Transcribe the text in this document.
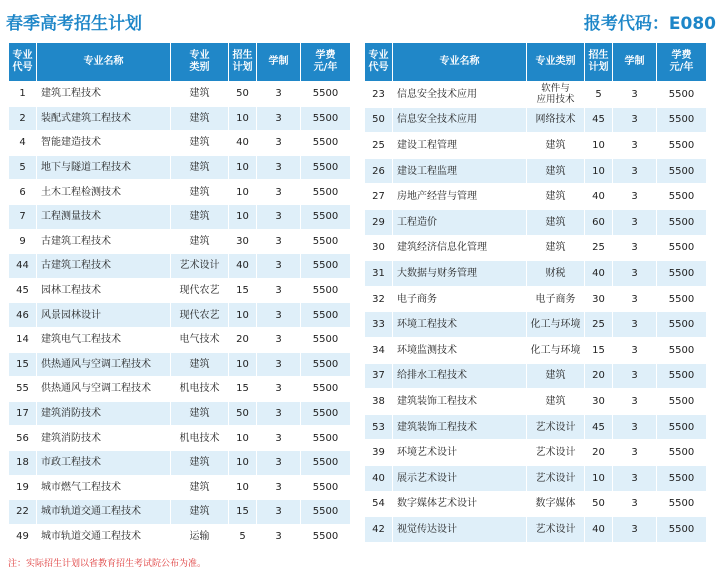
春季高考招生计划	报考代码：E080
专业
代号	专业名称	专业
类别	招生
计划	学制	学费
元/年
1	建筑工程技术	建筑	50	3	5500
2	装配式建筑工程技术	建筑	10	3	5500
4	智能建造技术	建筑	40	3	5500
5	地下与隧道工程技术	建筑	10	3	5500
6	土木工程检测技术	建筑	10	3	5500
7	工程测量技术	建筑	10	3	5500
9	古建筑工程技术	建筑	30	3	5500
44	古建筑工程技术	艺术设计	40	3	5500
45	园林工程技术	现代农艺	15	3	5500
46	风景园林设计	现代农艺	10	3	5500
14	建筑电气工程技术	电气技术	20	3	5500
15	供热通风与空调工程技术	建筑	10	3	5500
55	供热通风与空调工程技术	机电技术	15	3	5500
17	建筑消防技术	建筑	50	3	5500
56	建筑消防技术	机电技术	10	3	5500
18	市政工程技术	建筑	10	3	5500
19	城市燃气工程技术	建筑	10	3	5500
22	城市轨道交通工程技术	建筑	15	3	5500
49	城市轨道交通工程技术	运输	5	3	5500
专业
代号	专业名称	专业类别	招生
计划	学制	学费
元/年
23	信息安全技术应用	软件与
应用技术	5	3	5500
50	信息安全技术应用	网络技术	45	3	5500
25	建设工程管理	建筑	10	3	5500
26	建设工程监理	建筑	10	3	5500
27	房地产经营与管理	建筑	40	3	5500
29	工程造价	建筑	60	3	5500
30	建筑经济信息化管理	建筑	25	3	5500
31	大数据与财务管理	财税	40	3	5500
32	电子商务	电子商务	30	3	5500
33	环境工程技术	化工与环境	25	3	5500
34	环境监测技术	化工与环境	15	3	5500
37	给排水工程技术	建筑	20	3	5500
38	建筑装饰工程技术	建筑	30	3	5500
53	建筑装饰工程技术	艺术设计	45	3	5500
39	环境艺术设计	艺术设计	20	3	5500
40	展示艺术设计	艺术设计	10	3	5500
54	数字媒体艺术设计	数字媒体	50	3	5500
42	视觉传达设计	艺术设计	40	3	5500
注：实际招生计划以省教育招生考试院公布为准。
